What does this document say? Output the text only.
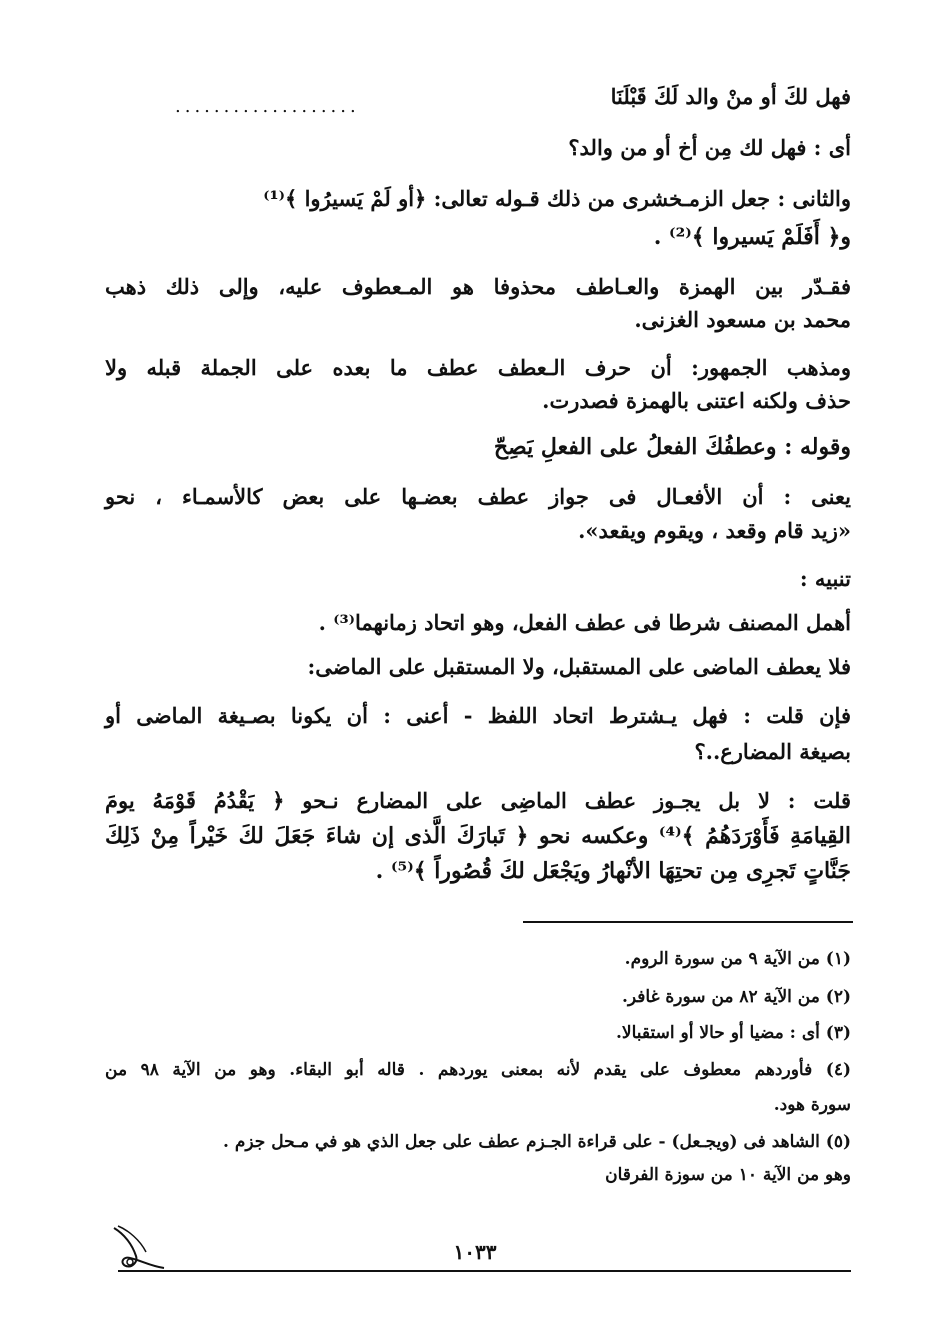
فهل لكَ أو منْ والد لَكَ قَبْلَنَا
...................
أى : فهل لك مِن أخ أو من والد؟
والثانى : جعل الزمـخشرى من ذلك قـوله تعالى: ﴿أو لَمْ يَسيرُوا ﴾⁽¹⁾
و﴿ أَفَلَمْ يَسيروا ﴾⁽²⁾ .
فقـدّر بين الهمزة والعـاطف محذوفا هو المـعطوف عليه، وإلى ذلك ذهب
محمد بن مسعود الغزنى.
ومذهب الجمهور: أن حرف الـعطف عطف ما بعده على الجملة قبله ولا
حذف ولكنه اعتنى بالهمزة فصدرت.
وقوله : وعطفُكَ الفعلُ على الفعلِ يَصِحّ
يعنى : أن الأفعـال فى جواز عطف بعضـها على بعض كالأسمـاء ، نحو
«زيد قام وقعد ، ويقوم ويقعد».
تنبيه :
أهمل المصنف شرطا فى عطف الفعل، وهو اتحاد زمانهما⁽³⁾ .
فلا يعطف الماضى على المستقبل، ولا المستقبل على الماضى:
فإن قلت : فهل يـشترط اتحاد اللفظ - أعنى : أن يكونا بصـيغة الماضى أو
بصيغة المضارع..؟
قلت : لا بل يجـوز عطف الماضِى على المضارع نـحو ﴿ يَقْدُمُ قَوْمَهُ يومَ
القِيامَةِ فَأَوْرَدَهُمُ ﴾⁽⁴⁾ وعكسه نحو ﴿ تَبارَكَ الَّذى إن شاءَ جَعَلَ لكَ خَيْراً مِنْ ذَلِكَ
جَنَّاتٍ تَجرِى مِن تحتِهَا الأنْهارُ ويَجْعَل لكَ قُصُوراً ﴾⁽⁵⁾ .
(١) من الآية ٩ من سورة الروم.
(٢) من الآية ٨٢ من سورة غافر.
(٣) أى : مضيا أو حالا أو استقبالا.
(٤) فأوردهم معطوف على يقدم لأنه بمعنى يوردهم . قاله أبو البقاء. وهو من الآية ٩٨ من
سورة هود.
(٥) الشاهد فى (ويجـعل) - على قراءة الجـزم عطف على جعل الذي هو في مـحل جزم .
وهو من الآية ١٠ من سوزة الفرقان
١٠٣٣
